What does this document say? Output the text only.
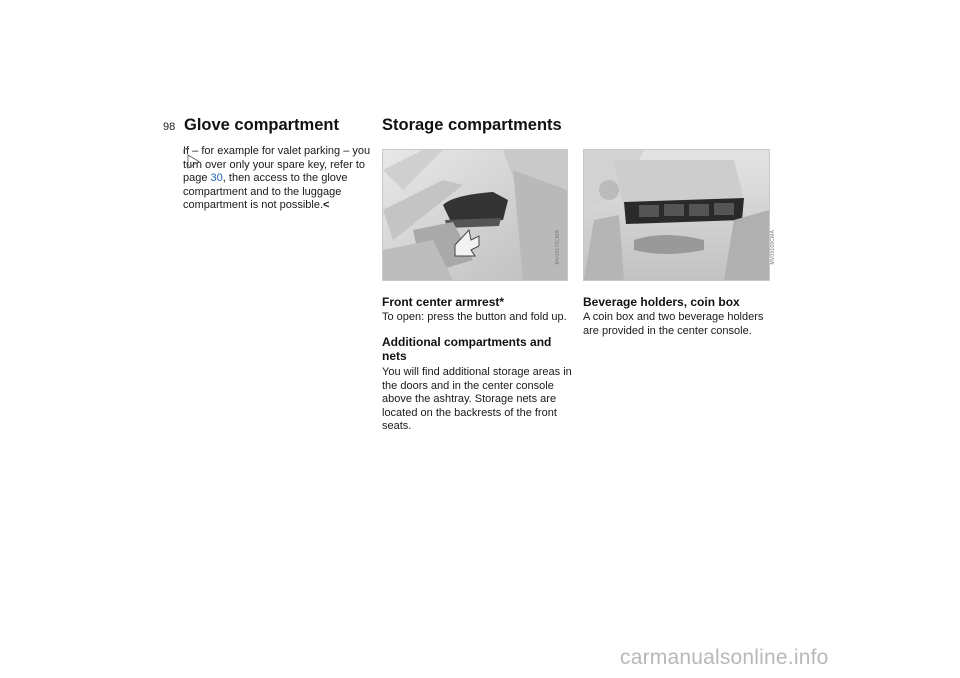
98 Glove compartment

If – for example for valet parking – you turn over only your spare key, refer to page 30, then access to the glove compartment and to the luggage compartment is not possible.<

Storage compartments
MV09170CMA	MV09169CMA
Front center armrest*

To open: press the button and fold up.

Additional compartments and nets

You will find additional storage areas in the doors and in the center console above the ashtray. Storage nets are located on the backrests of the front seats.

Beverage holders, coin box

A coin box and two beverage holders are provided in the center console.

carmanualsonline.info
